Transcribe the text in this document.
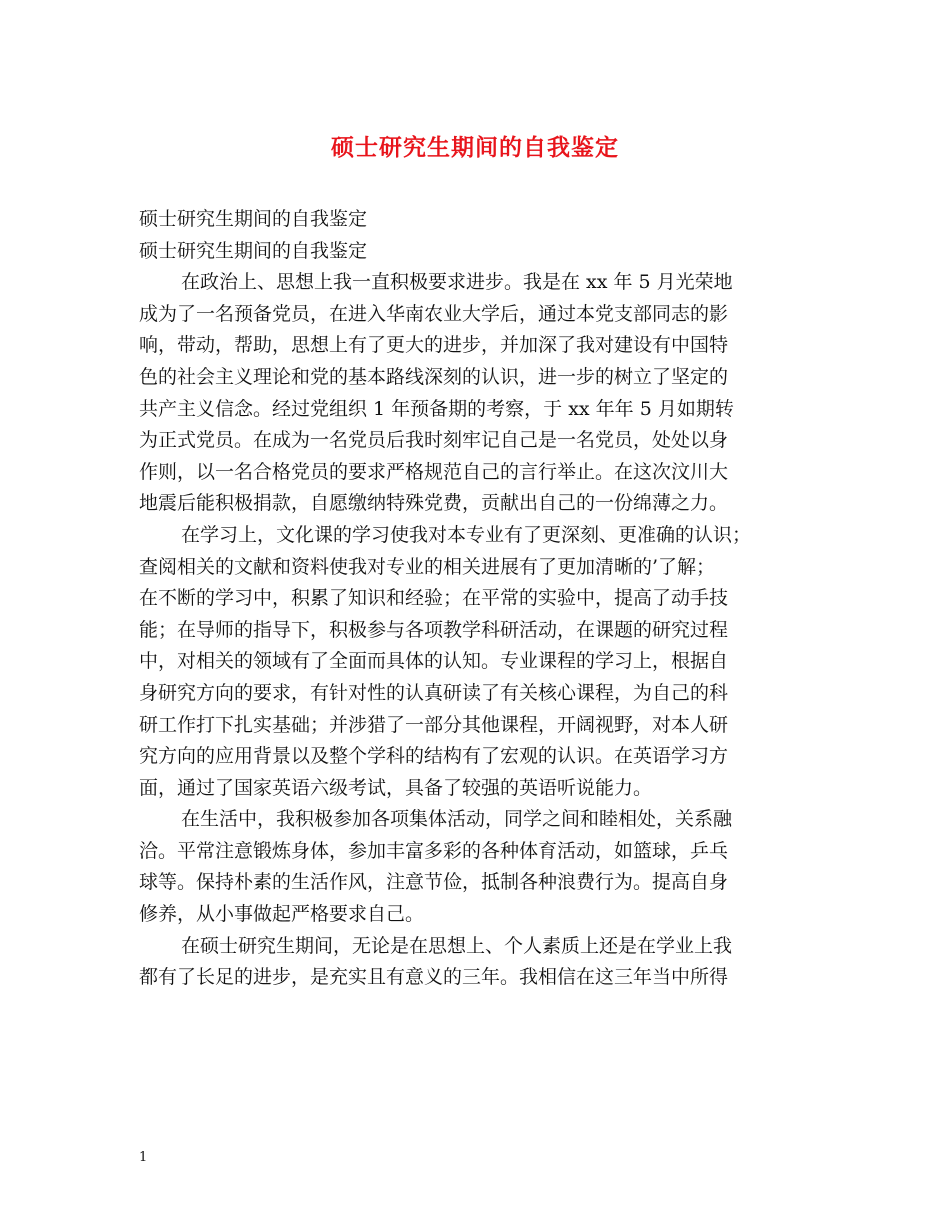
硕士研究生期间的自我鉴定
硕士研究生期间的自我鉴定
硕士研究生期间的自我鉴定
在政治上、思想上我一直积极要求进步。我是在 xx 年 5 月光荣地
成为了一名预备党员，在进入华南农业大学后，通过本党支部同志的影
响，带动，帮助，思想上有了更大的进步，并加深了我对建设有中国特
色的社会主义理论和党的基本路线深刻的认识，进一步的树立了坚定的
共产主义信念。经过党组织 1 年预备期的考察，于 xx 年年 5 月如期转
为正式党员。在成为一名党员后我时刻牢记自己是一名党员，处处以身
作则，以一名合格党员的要求严格规范自己的言行举止。在这次汶川大
地震后能积极捐款，自愿缴纳特殊党费，贡献出自己的一份绵薄之力。
在学习上，文化课的学习使我对本专业有了更深刻、更准确的认识；
查阅相关的文献和资料使我对专业的相关进展有了更加清晰的’了解；
在不断的学习中，积累了知识和经验；在平常的实验中，提高了动手技
能；在导师的指导下，积极参与各项教学科研活动，在课题的研究过程
中，对相关的领域有了全面而具体的认知。专业课程的学习上，根据自
身研究方向的要求，有针对性的认真研读了有关核心课程，为自己的科
研工作打下扎实基础；并涉猎了一部分其他课程，开阔视野，对本人研
究方向的应用背景以及整个学科的结构有了宏观的认识。在英语学习方
面，通过了国家英语六级考试，具备了较强的英语听说能力。
在生活中，我积极参加各项集体活动，同学之间和睦相处，关系融
洽。平常注意锻炼身体，参加丰富多彩的各种体育活动，如篮球，乒乓
球等。保持朴素的生活作风，注意节俭，抵制各种浪费行为。提高自身
修养，从小事做起严格要求自己。
在硕士研究生期间，无论是在思想上、个人素质上还是在学业上我
都有了长足的进步，是充实且有意义的三年。我相信在这三年当中所得
1
